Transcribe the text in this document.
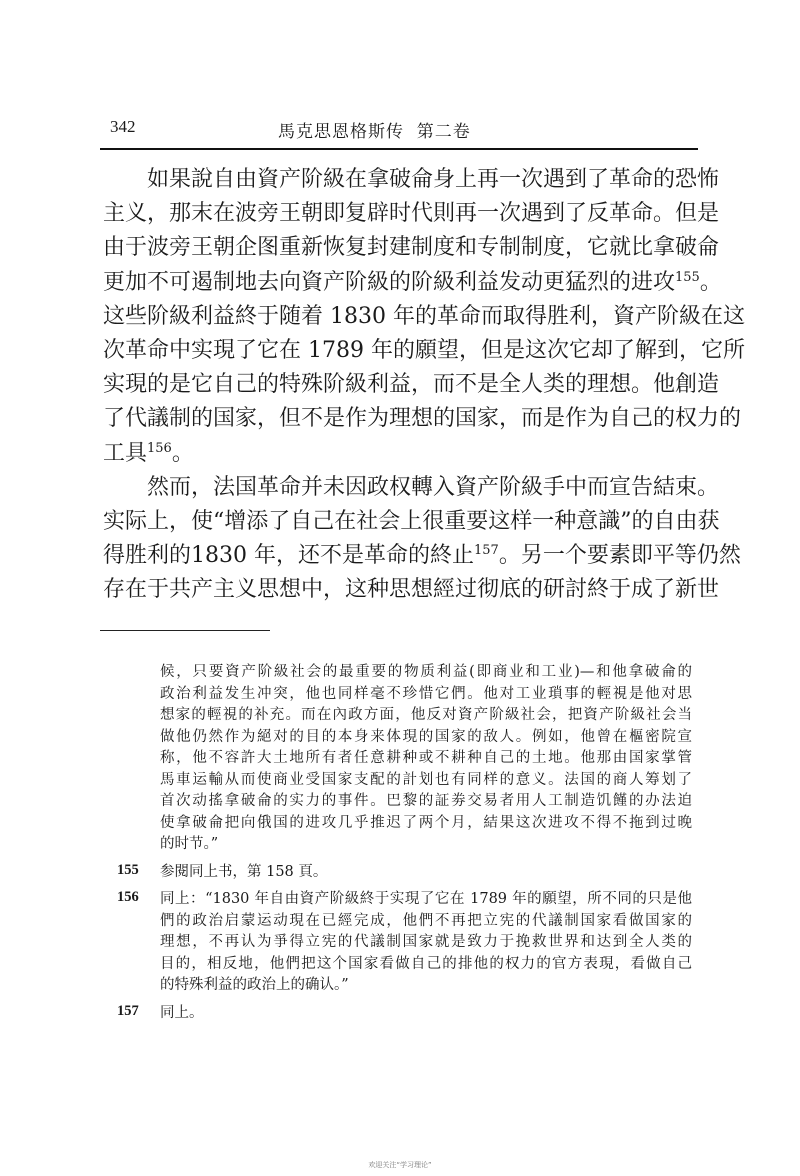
342	馬克思恩格斯传  第二卷
如果說自由資产阶級在拿破侖身上再一次遇到了革命的恐怖
主义，那末在波旁王朝即复辟时代則再一次遇到了反革命。但是
由于波旁王朝企图重新恢复封建制度和专制制度，它就比拿破侖
更加不可遏制地去向資产阶級的阶級利益发动更猛烈的进攻$^{155}$。
这些阶級利益終于随着 1830 年的革命而取得胜利，資产阶級在这
次革命中实現了它在 1789 年的願望，但是这次它却了解到，它所
实現的是它自己的特殊阶級利益，而不是全人类的理想。他創造
了代議制的国家，但不是作为理想的国家，而是作为自己的权力的
工具$^{156}$。
然而，法国革命并未因政权轉入資产阶級手中而宣告結束。
实际上，使“增添了自己在社会上很重要这样一种意識”的自由获
得胜利的1830 年，还不是革命的終止$^{157}$。另一个要素即平等仍然
存在于共产主义思想中，这种思想經过彻底的研討終于成了新世
候，只要資产阶級社会的最重要的物质利益(即商业和工业)—和他拿破侖的
政治利益发生冲突，他也同样毫不珍惜它們。他对工业瑣事的輕視是他对思
想家的輕視的补充。而在內政方面，他反对資产阶級社会，把資产阶級社会当
做他仍然作为絕对的目的本身来体現的国家的敌人。例如，他曾在樞密院宣
称，他不容許大土地所有者任意耕种或不耕种自己的土地。他那由国家掌管
馬車运輸从而使商业受国家支配的計划也有同样的意义。法国的商人筹划了
首次动搖拿破侖的实力的事件。巴黎的証劵交易者用人工制造饥饉的办法迫
使拿破侖把向俄国的进攻几乎推迟了两个月，結果这次进攻不得不拖到过晚
的时节。”
155	参閱同上书，第 158 頁。
156	同上：“1830 年自由資产阶級終于实現了它在 1789 年的願望，所不同的只是他
們的政治启蒙运动現在已經完成，他們不再把立宪的代議制国家看做国家的
理想，不再认为爭得立宪的代議制国家就是致力于挽救世界和达到全人类的
目的，相反地，他們把这个国家看做自己的排他的权力的官方表現，看做自己
的特殊利益的政治上的确认。”
157	同上。
欢迎关注“学习理论”
